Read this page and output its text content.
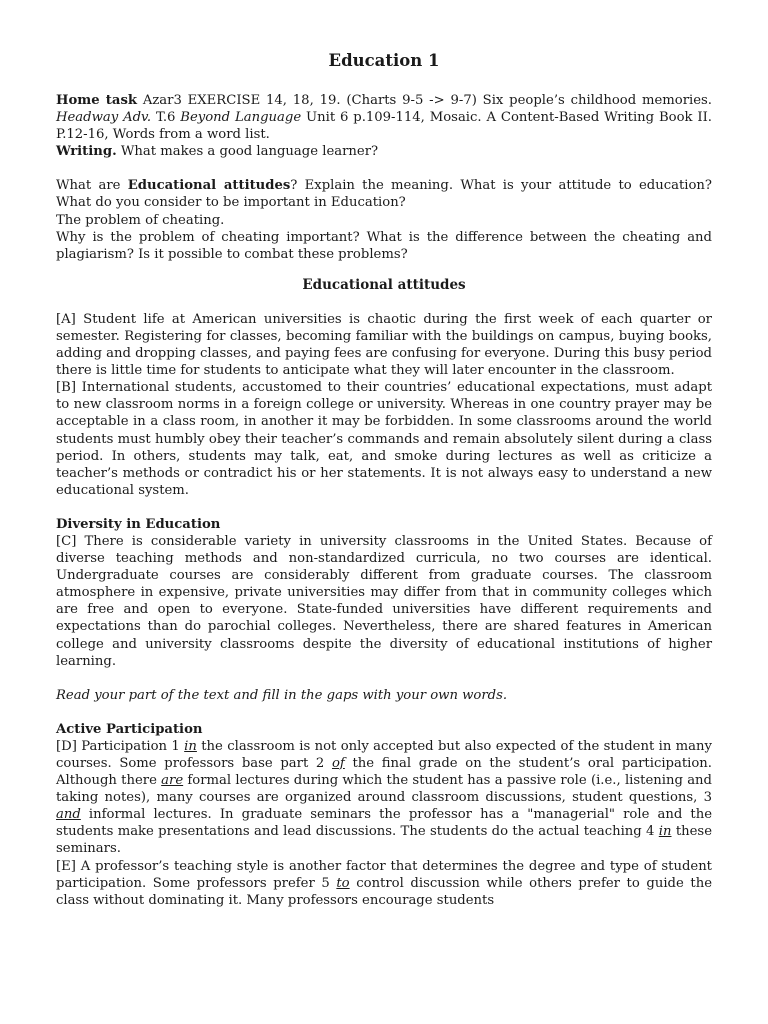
Education 1

Home task Azar3 EXERCISE 14, 18, 19. (Charts 9-5 -> 9-7) Six people’s childhood memories. Headway Adv. T.6 Beyond Language Unit 6 p.109-114, Mosaic. A Content-Based Writing Book II. P.12-16, Words from a word list.

Writing. What makes a good language learner?

What are Educational attitudes? Explain the meaning. What is your attitude to education? What do you consider to be important in Education?

The problem of cheating.

Why is the problem of cheating important? What is the difference between the cheating and plagiarism? Is it possible to combat these problems?

Educational attitudes

[A] Student life at American universities is chaotic during the first week of each quarter or semester. Registering for classes, becoming familiar with the buildings on campus, buying books, adding and dropping classes, and paying fees are confusing for everyone. During this busy period there is little time for students to anticipate what they will later encounter in the classroom.

[B] International students, accustomed to their countries’ educational expectations, must adapt to new classroom norms in a foreign college or university. Whereas in one country prayer may be acceptable in a class room, in another it may be forbidden. In some classrooms around the world students must humbly obey their teacher’s commands and remain absolutely silent during a class period. In others, students may talk, eat, and smoke during lectures as well as criticize a teacher’s methods or contradict his or her statements. It is not always easy to understand a new educational system.

Diversity in Education

[C] There is considerable variety in university classrooms in the United States. Because of diverse teaching methods and non-standardized curricula, no two courses are identical. Undergraduate courses are considerably different from graduate courses. The classroom atmosphere in expensive, private universities may differ from that in community colleges which are free and open to everyone. State-funded universities have different requirements and expectations than do parochial colleges. Nevertheless, there are shared features in American college and university classrooms despite the diversity of educational institutions of higher learning.

Read your part of the text and fill in the gaps with your own words.

Active Participation

[D] Participation 1 in the classroom is not only accepted but also expected of the student in many courses. Some professors base part 2 of the final grade on the student’s oral participation. Although there are formal lectures during which the student has a passive role (i.e., listening and taking notes), many courses are organized around classroom discussions, student questions, 3 and informal lectures. In graduate seminars the professor has a "managerial" role and the students make presentations and lead discussions. The students do the actual teaching 4 in these seminars.

[E] A professor’s teaching style is another factor that determines the degree and type of student participation. Some professors prefer 5 to control discussion while others prefer to guide the class without dominating it. Many professors encourage students
